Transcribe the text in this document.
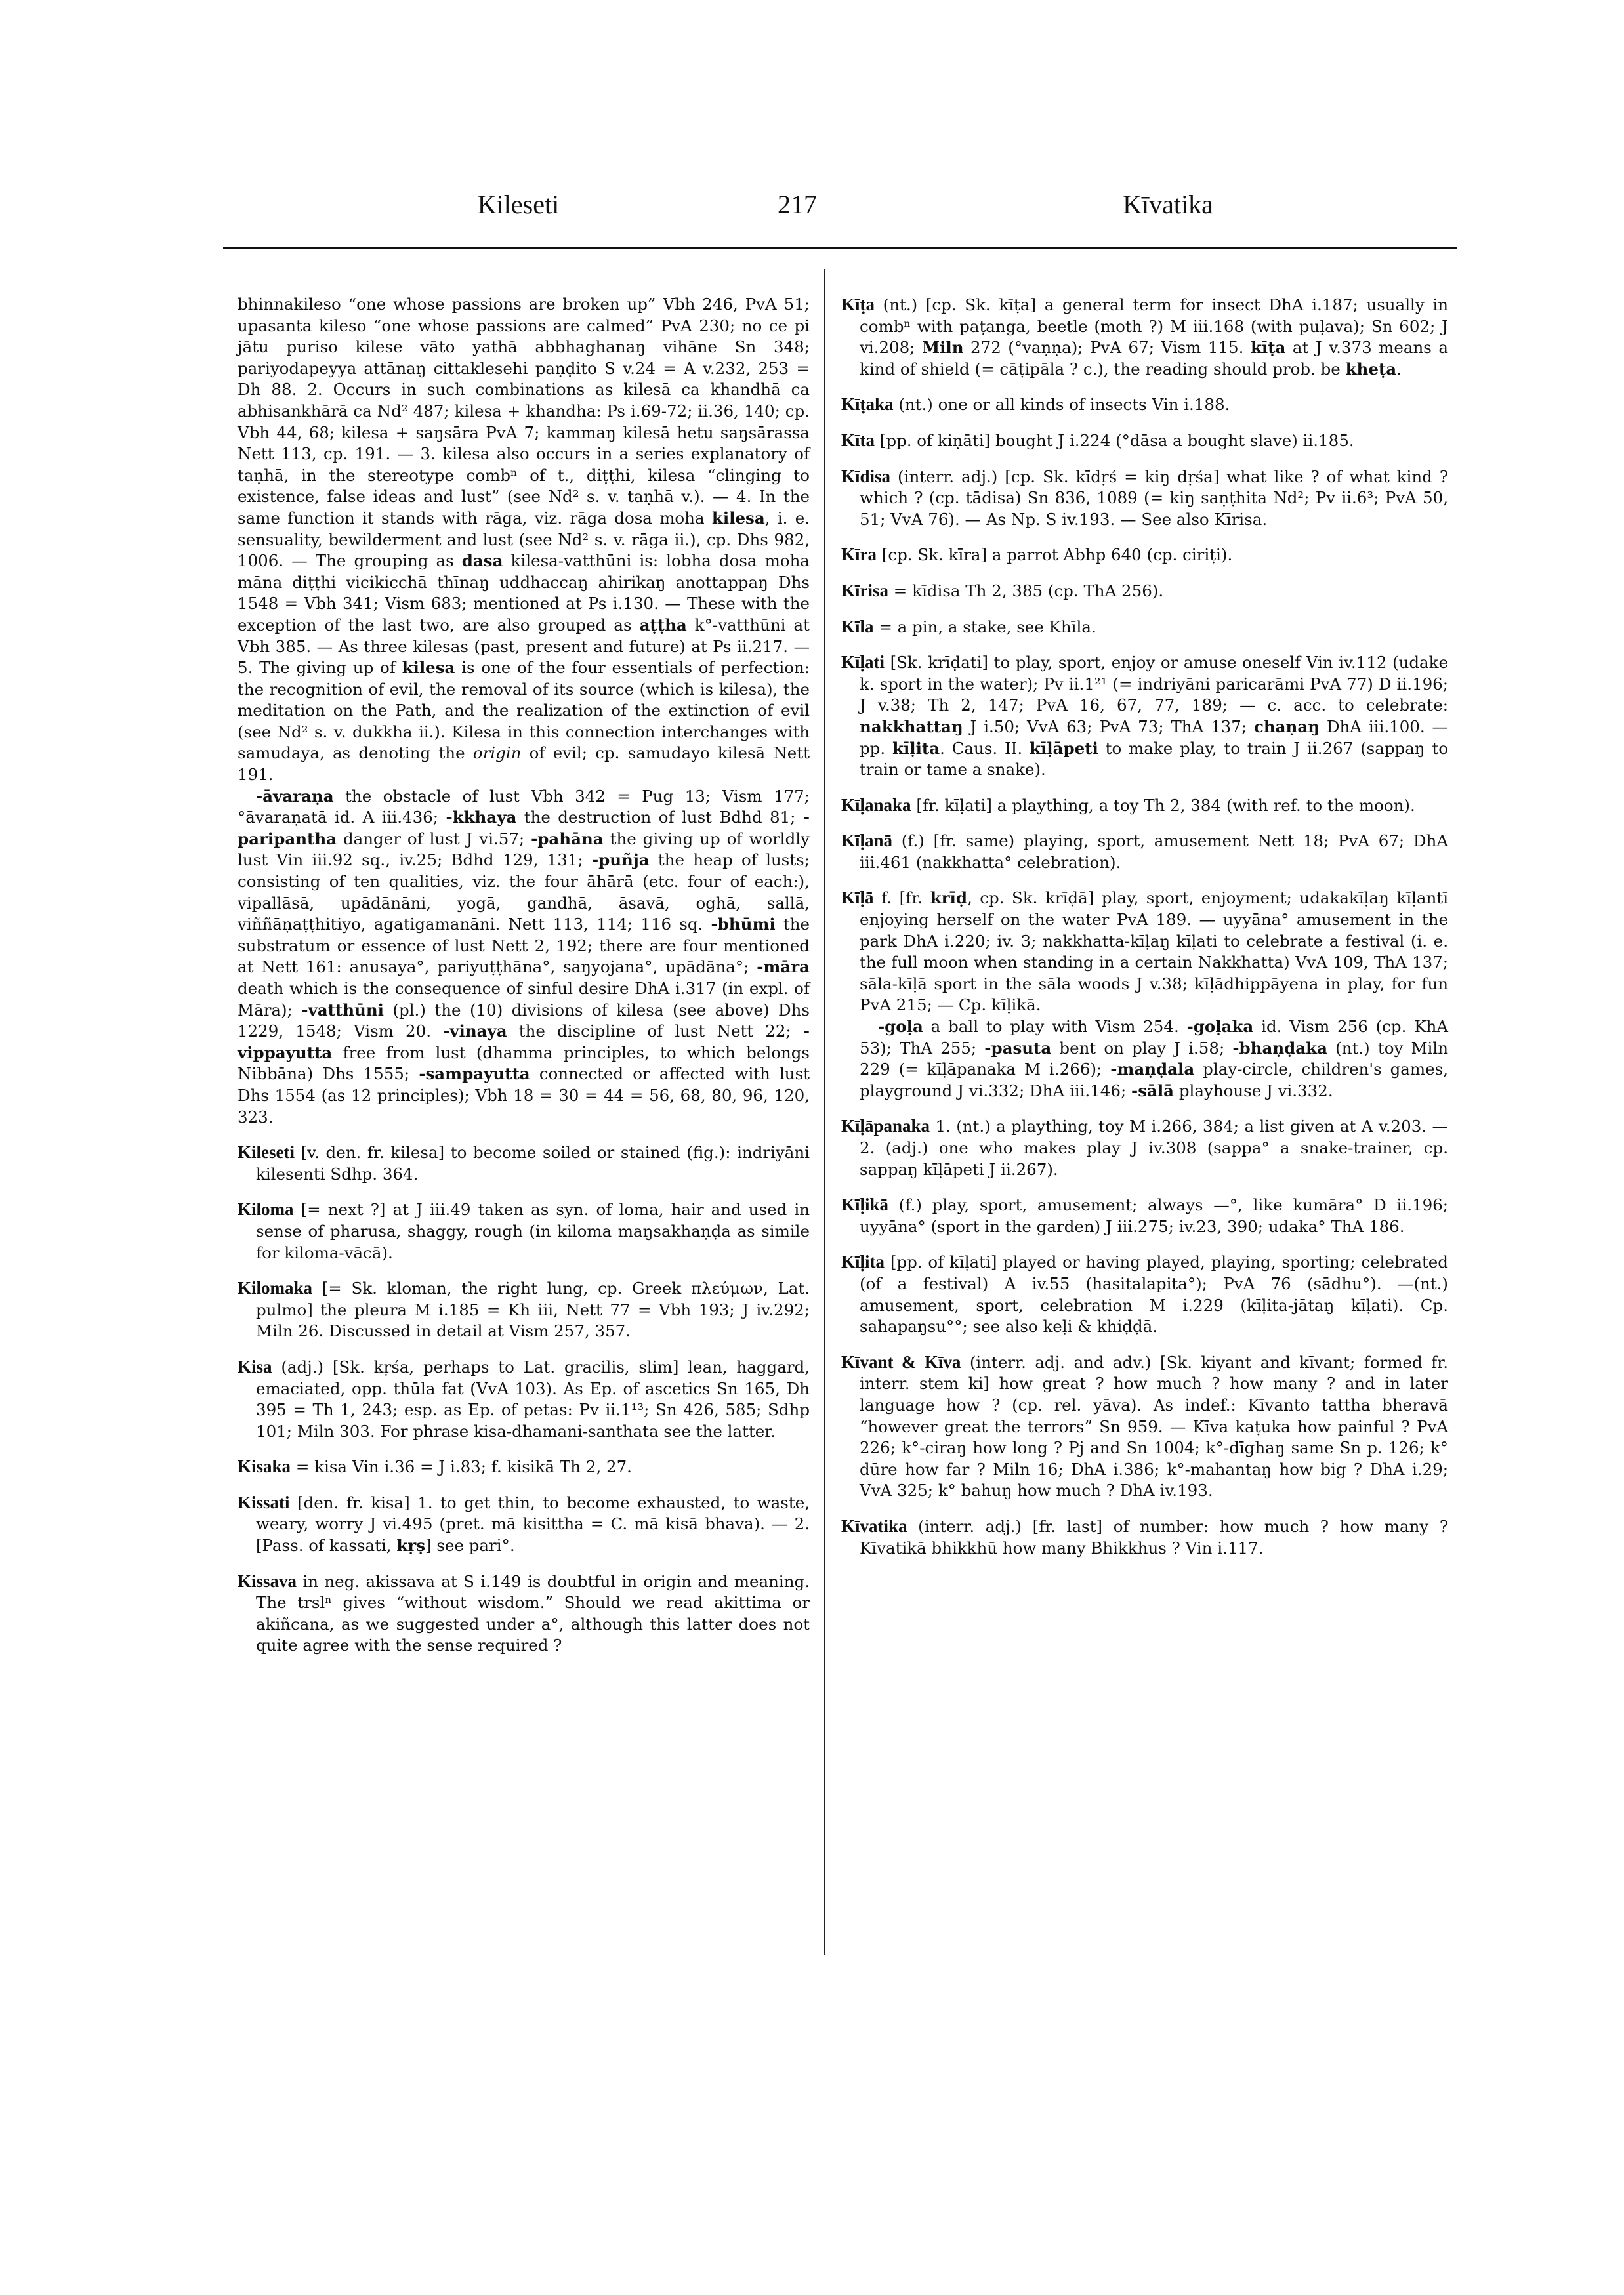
Kileseti	217	Kīvatika

bhinnakileso “one whose passions are broken up” Vbh 246, PvA 51; upasanta kileso “one whose passions are calmed” PvA 230; no ce pi jātu puriso kilese vāto yathā abbhaghanaŋ vihāne Sn 348; pariyodapeyya attānaŋ cittaklesehi paṇḍito S v.24 = A v.232, 253 = Dh 88. 2. Occurs in such combinations as kilesā ca khandhā ca abhisankhārā ca Nd² 487; kilesa + khandha: Ps i.69-72; ii.36, 140; cp. Vbh 44, 68; kilesa + saŋsāra PvA 7; kammaŋ kilesā hetu saŋsārassa Nett 113, cp. 191. — 3. kilesa also occurs in a series explanatory of taṇhā, in the stereotype combⁿ of t., diṭṭhi, kilesa “clinging to existence, false ideas and lust” (see Nd² s. v. taṇhā v.). — 4. In the same function it stands with rāga, viz. rāga dosa moha kilesa, i. e. sensuality, bewilderment and lust (see Nd² s. v. rāga ii.), cp. Dhs 982, 1006. — The grouping as dasa kilesa-vatthūni is: lobha dosa moha māna diṭṭhi vicikicchā thīnaŋ uddhaccaŋ ahirikaŋ anottappaŋ Dhs 1548 = Vbh 341; Vism 683; mentioned at Ps i.130. — These with the exception of the last two, are also grouped as aṭṭha k°-vatthūni at Vbh 385. — As three kilesas (past, present and future) at Ps ii.217. — 5. The giving up of kilesa is one of the four essentials of perfection: the recognition of evil, the removal of its source (which is kilesa), the meditation on the Path, and the realization of the extinction of evil (see Nd² s. v. dukkha ii.). Kilesa in this connection interchanges with samudaya, as denoting the origin of evil; cp. samudayo kilesā Nett 191.

-āvaraṇa the obstacle of lust Vbh 342 = Pug 13; Vism 177; °āvaraṇatā id. A iii.436; -kkhaya the destruction of lust Bdhd 81; -paripantha danger of lust J vi.57; -pahāna the giving up of worldly lust Vin iii.92 sq., iv.25; Bdhd 129, 131; -puñja the heap of lusts; consisting of ten qualities, viz. the four āhārā (etc. four of each:), vipallāsā, upādānāni, yogā, gandhā, āsavā, oghā, sallā, viññāṇaṭṭhitiyo, agatigamanāni. Nett 113, 114; 116 sq. -bhūmi the substratum or essence of lust Nett 2, 192; there are four mentioned at Nett 161: anusaya°, pariyuṭṭhāna°, saŋyojana°, upādāna°; -māra death which is the consequence of sinful desire DhA i.317 (in expl. of Māra); -vatthūni (pl.) the (10) divisions of kilesa (see above) Dhs 1229, 1548; Vism 20. -vinaya the discipline of lust Nett 22; -vippayutta free from lust (dhamma principles, to which belongs Nibbāna) Dhs 1555; -sampayutta connected or affected with lust Dhs 1554 (as 12 principles); Vbh 18 = 30 = 44 = 56, 68, 80, 96, 120, 323.

Kileseti [v. den. fr. kilesa] to become soiled or stained (fig.): indriyāni kilesenti Sdhp. 364.
Kiloma [= next ?] at J iii.49 taken as syn. of loma, hair and used in sense of pharusa, shaggy, rough (in kiloma maŋsakhaṇḍa as simile for kiloma-vācā).
Kilomaka [= Sk. kloman, the right lung, cp. Greek πλεύμων, Lat. pulmo] the pleura M i.185 = Kh iii, Nett 77 = Vbh 193; J iv.292; Miln 26. Discussed in detail at Vism 257, 357.
Kisa (adj.) [Sk. kṛśa, perhaps to Lat. gracilis, slim] lean, haggard, emaciated, opp. thūla fat (VvA 103). As Ep. of ascetics Sn 165, Dh 395 = Th 1, 243; esp. as Ep. of petas: Pv ii.1¹³; Sn 426, 585; Sdhp 101; Miln 303. For phrase kisa-dhamani-santhata see the latter.
Kisaka = kisa Vin i.36 = J i.83; f. kisikā Th 2, 27.
Kissati [den. fr. kisa] 1. to get thin, to become exhausted, to waste, weary, worry J vi.495 (pret. mā kisittha = C. mā kisā bhava). — 2. [Pass. of kassati, kṛṣ] see pari°.
Kissava in neg. akissava at S i.149 is doubtful in origin and meaning. The trslⁿ gives “without wisdom.” Should we read akittima or akiñcana, as we suggested under a°, although this latter does not quite agree with the sense required ?
Kīṭa (nt.) [cp. Sk. kīṭa] a general term for insect DhA i.187; usually in combⁿ with paṭanga, beetle (moth ?) M iii.168 (with puḷava); Sn 602; J vi.208; Miln 272 (°vaṇṇa); PvA 67; Vism 115. kīṭa at J v.373 means a kind of shield (= cāṭipāla ? c.), the reading should prob. be kheṭa.
Kīṭaka (nt.) one or all kinds of insects Vin i.188.
Kīta [pp. of kiṇāti] bought J i.224 (°dāsa a bought slave) ii.185.
Kīdisa (interr. adj.) [cp. Sk. kīdṛś = kiŋ dṛśa] what like ? of what kind ? which ? (cp. tādisa) Sn 836, 1089 (= kiŋ saṇṭhita Nd²; Pv ii.6³; PvA 50, 51; VvA 76). — As Np. S iv.193. — See also Kīrisa.
Kīra [cp. Sk. kīra] a parrot Abhp 640 (cp. ciriṭi).
Kīrisa = kīdisa Th 2, 385 (cp. ThA 256).
Kīla = a pin, a stake, see Khīla.
Kīḷati [Sk. krīḍati] to play, sport, enjoy or amuse oneself Vin iv.112 (udake k. sport in the water); Pv ii.1²¹ (= indriyāni paricarāmi PvA 77) D ii.196; J v.38; Th 2, 147; PvA 16, 67, 77, 189; — c. acc. to celebrate: nakkhattaŋ J i.50; VvA 63; PvA 73; ThA 137; chaṇaŋ DhA iii.100. — pp. kīḷita. Caus. II. kīḷāpeti to make play, to train J ii.267 (sappaŋ to train or tame a snake).
Kīḷanaka [fr. kīḷati] a plaything, a toy Th 2, 384 (with ref. to the moon).
Kīḷanā (f.) [fr. same) playing, sport, amusement Nett 18; PvA 67; DhA iii.461 (nakkhatta° celebration).
Kīḷā f. [fr. krīḍ, cp. Sk. krīḍā] play, sport, enjoyment; udakakīḷaŋ kīḷantī enjoying herself on the water PvA 189. — uyyāna° amusement in the park DhA i.220; iv. 3; nakkhatta-kīḷaŋ kīḷati to celebrate a festival (i. e. the full moon when standing in a certain Nakkhatta) VvA 109, ThA 137; sāla-kīḷā sport in the sāla woods J v.38; kīḷādhippāyena in play, for fun PvA 215; — Cp. kīḷikā.
-goḷa a ball to play with Vism 254. -goḷaka id. Vism 256 (cp. KhA 53); ThA 255; -pasuta bent on play J i.58; -bhaṇḍaka (nt.) toy Miln 229 (= kīḷāpanaka M i.266); -maṇḍala play-circle, children's games, playground J vi.332; DhA iii.146; -sālā playhouse J vi.332.
Kīḷāpanaka 1. (nt.) a plaything, toy M i.266, 384; a list given at A v.203. — 2. (adj.) one who makes play J iv.308 (sappa° a snake-trainer, cp. sappaŋ kīḷāpeti J ii.267).
Kīḷikā (f.) play, sport, amusement; always —°, like kumāra° D ii.196; uyyāna° (sport in the garden) J iii.275; iv.23, 390; udaka° ThA 186.
Kīḷita [pp. of kīḷati] played or having played, playing, sporting; celebrated (of a festival) A iv.55 (hasitalapita°); PvA 76 (sādhu°). —(nt.) amusement, sport, celebration M i.229 (kīḷita-jātaŋ kīḷati). Cp. sahapaŋsu°°; see also keḷi & khiḍḍā.
Kīvant & Kīva (interr. adj. and adv.) [Sk. kiyant and kīvant; formed fr. interr. stem ki] how great ? how much ? how many ? and in later language how ? (cp. rel. yāva). As indef.: Kīvanto tattha bheravā “however great the terrors” Sn 959. — Kīva kaṭuka how painful ? PvA 226; k°-ciraŋ how long ? Pj and Sn 1004; k°-dīghaŋ same Sn p. 126; k° dūre how far ? Miln 16; DhA i.386; k°-mahantaŋ how big ? DhA i.29; VvA 325; k° bahuŋ how much ? DhA iv.193.
Kīvatika (interr. adj.) [fr. last] of number: how much ? how many ? Kīvatikā bhikkhū how many Bhikkhus ? Vin i.117.
